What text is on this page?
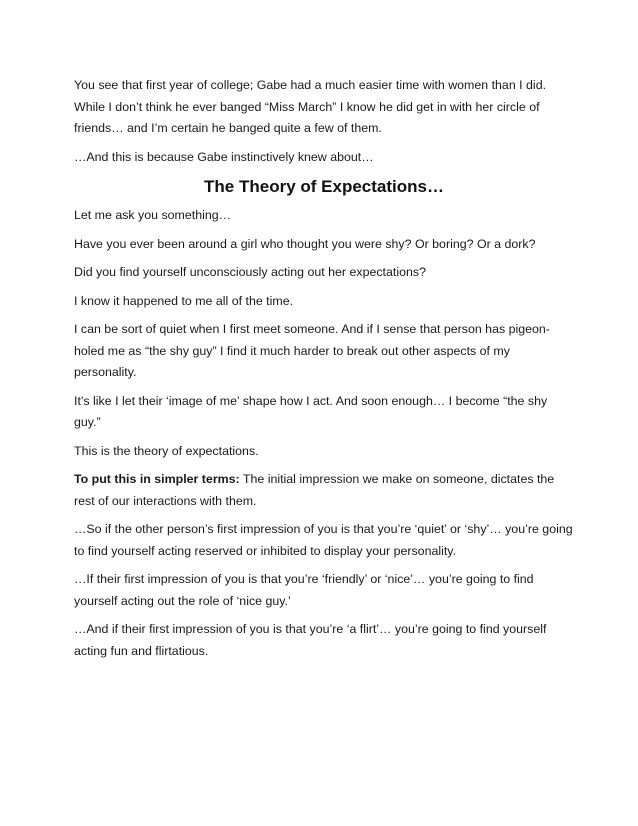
You see that first year of college; Gabe had a much easier time with women than I did. While I don’t think he ever banged “Miss March” I know he did get in with her circle of friends… and I’m certain he banged quite a few of them.

…And this is because Gabe instinctively knew about…

The Theory of Expectations…

Let me ask you something…

Have you ever been around a girl who thought you were shy? Or boring? Or a dork?

Did you find yourself unconsciously acting out her expectations?

I know it happened to me all of the time.

I can be sort of quiet when I first meet someone. And if I sense that person has pigeon- holed me as “the shy guy” I find it much harder to break out other aspects of my personality.

It’s like I let their ‘image of me’ shape how I act. And soon enough… I become “the shy guy.”

This is the theory of expectations.

To put this in simpler terms: The initial impression we make on someone, dictates the rest of our interactions with them.

…So if the other person’s first impression of you is that you’re ‘quiet’ or ‘shy’… you’re going to find yourself acting reserved or inhibited to display your personality.

…If their first impression of you is that you’re ‘friendly’ or ‘nice’… you’re going to find yourself acting out the role of ‘nice guy.’

…And if their first impression of you is that you’re ‘a flirt’… you’re going to find yourself acting fun and flirtatious.
